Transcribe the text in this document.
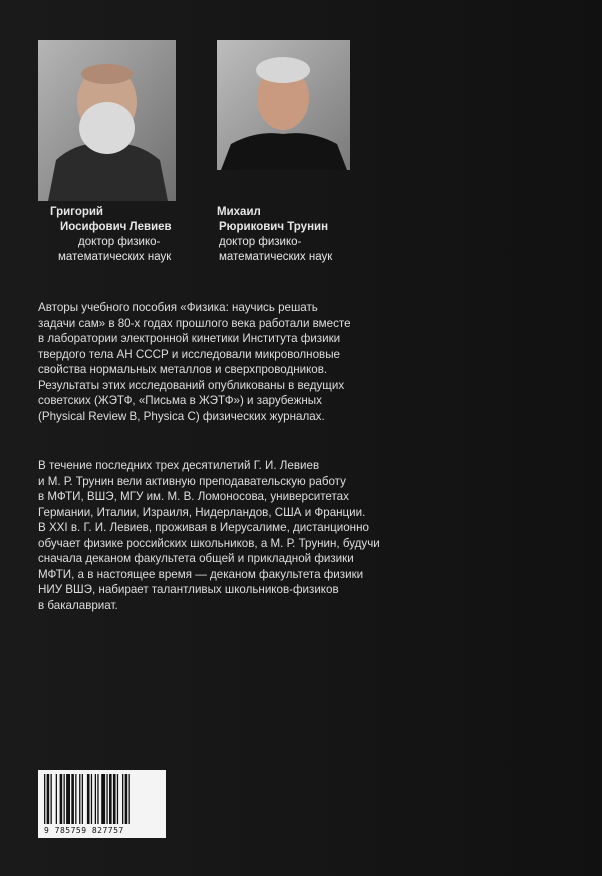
Григорий
Иосифович Левиев
доктор физико-
математических наук
Михаил
Рюрикович Трунин
доктор физико-
математических наук
Авторы учебного пособия «Физика: научись решать
задачи сам» в 80-х годах прошлого века работали вместе
в лаборатории электронной кинетики Института физики
твердого тела АН СССР и исследовали микроволновые
свойства нормальных металлов и сверхпроводников.
Результаты этих исследований опубликованы в ведущих
советских (ЖЭТФ, «Письма в ЖЭТФ») и зарубежных
(Physical Review B, Physica C) физических журналах.
В течение последних трех десятилетий Г. И. Левиев
и М. Р. Трунин вели активную преподавательскую работу
в МФТИ, ВШЭ, МГУ им. М. В. Ломоносова, университетах
Германии, Италии, Израиля, Нидерландов, США и Франции.
В XXI в. Г. И. Левиев, проживая в Иерусалиме, дистанционно
обучает физике российских школьников, а М. Р. Трунин, будучи
сначала деканом факультета общей и прикладной физики
МФТИ, а в настоящее время — деканом факультета физики
НИУ ВШЭ, набирает талантливых школьников-физиков
в бакалавриат.
9 785759 827757
